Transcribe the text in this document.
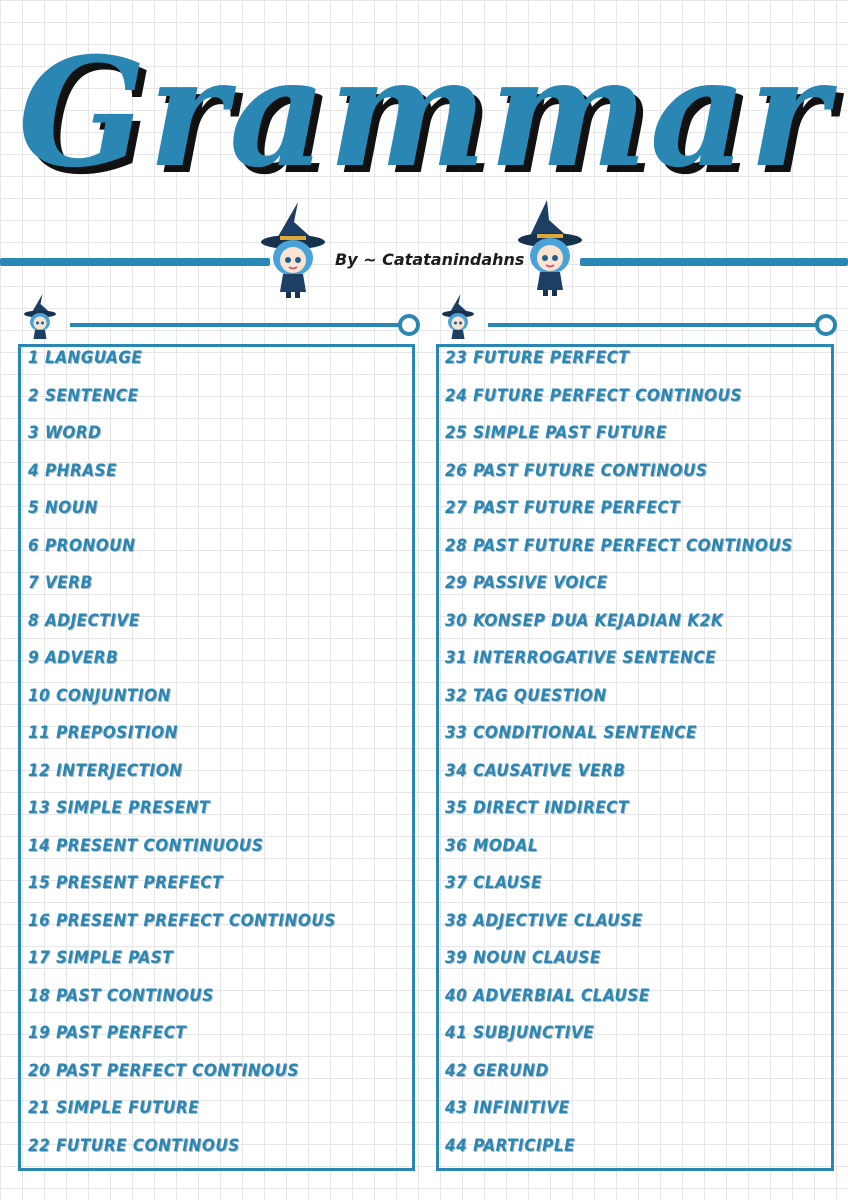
Grammar
By ~ Catatanindahns
1 LANGUAGE
2 SENTENCE
3 WORD
4 PHRASE
5 NOUN
6 PRONOUN
7 VERB
8 ADJECTIVE
9 ADVERB
10 CONJUNTION
11 PREPOSITION
12 INTERJECTION
13 SIMPLE PRESENT
14 PRESENT CONTINUOUS
15 PRESENT PREFECT
16 PRESENT PREFECT CONTINOUS
17 SIMPLE PAST
18 PAST CONTINOUS
19 PAST PERFECT
20 PAST PERFECT CONTINOUS
21 SIMPLE FUTURE
22 FUTURE CONTINOUS
23 FUTURE PERFECT
24 FUTURE PERFECT CONTINOUS
25 SIMPLE PAST FUTURE
26 PAST FUTURE CONTINOUS
27 PAST FUTURE PERFECT
28 PAST FUTURE PERFECT CONTINOUS
29 PASSIVE VOICE
30 KONSEP DUA KEJADIAN K2K
31 INTERROGATIVE SENTENCE
32 TAG QUESTION
33 CONDITIONAL SENTENCE
34 CAUSATIVE VERB
35 DIRECT INDIRECT
36 MODAL
37 CLAUSE
38 ADJECTIVE CLAUSE
39 NOUN CLAUSE
40 ADVERBIAL CLAUSE
41 SUBJUNCTIVE
42 GERUND
43 INFINITIVE
44 PARTICIPLE
